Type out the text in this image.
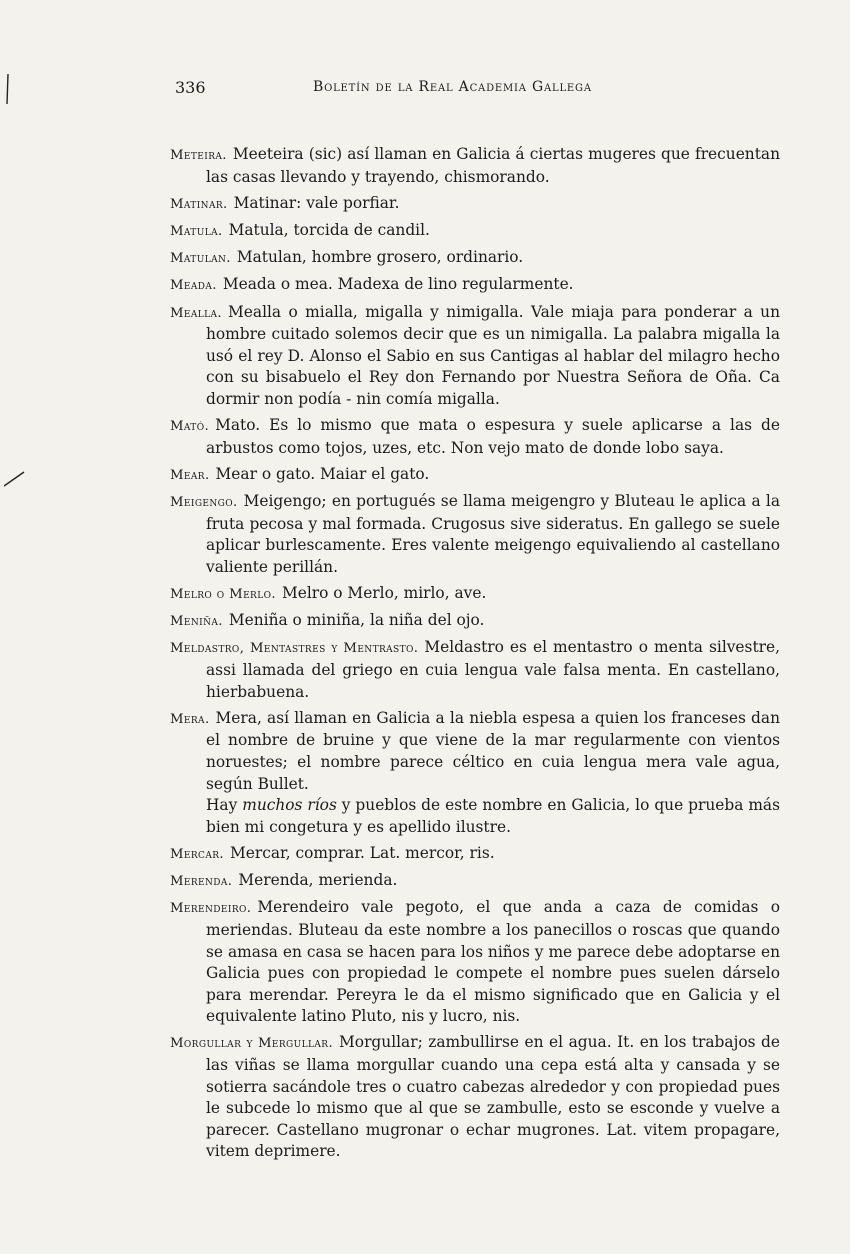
336	Boletín de la Real Academia Gallega

Meteira. Meeteira (sic) así llaman en Galicia á ciertas mugeres que frecuentan las casas llevando y trayendo, chismorando.

Matinar. Matinar: vale porfiar.

Matula. Matula, torcida de candil.

Matulan. Matulan, hombre grosero, ordinario.

Meada. Meada o mea. Madexa de lino regularmente.

Mealla. Mealla o mialla, migalla y nimigalla. Vale miaja para ponderar a un hombre cuitado solemos decir que es un nimigalla. La palabra migalla la usó el rey D. Alonso el Sabio en sus Cantigas al hablar del milagro hecho con su bisabuelo el Rey don Fernando por Nuestra Señora de Oña. Ca dormir non podía - nin comía migalla.

Mató. Mato. Es lo mismo que mata o espesura y suele aplicarse a las de arbustos como tojos, uzes, etc. Non vejo mato de donde lobo saya.

Mear. Mear o gato. Maiar el gato.

Meigengo. Meigengo; en portugués se llama meigengro y Bluteau le aplica a la fruta pecosa y mal formada. Crugosus sive sideratus. En gallego se suele aplicar burlescamente. Eres valente meigengo equivaliendo al castellano valiente perillán.

Melro o Merlo. Melro o Merlo, mirlo, ave.

Meniña. Meniña o miniña, la niña del ojo.

Meldastro, Mentastres y Mentrasto. Meldastro es el mentastro o menta silvestre, assi llamada del griego en cuia lengua vale falsa menta. En castellano, hierbabuena.

Mera. Mera, así llaman en Galicia a la niebla espesa a quien los franceses dan el nombre de bruine y que viene de la mar regularmente con vientos noruestes; el nombre parece céltico en cuia lengua mera vale agua, según Bullet.
Hay muchos ríos y pueblos de este nombre en Galicia, lo que prueba más bien mi congetura y es apellido ilustre.

Mercar. Mercar, comprar. Lat. mercor, ris.

Merenda. Merenda, merienda.

Merendeiro. Merendeiro vale pegoto, el que anda a caza de comidas o meriendas. Bluteau da este nombre a los panecillos o roscas que quando se amasa en casa se hacen para los niños y me parece debe adoptarse en Galicia pues con propiedad le compete el nombre pues suelen dárselo para merendar. Pereyra le da el mismo significado que en Galicia y el equivalente latino Pluto, nis y lucro, nis.

Morgullar y Mergullar. Morgullar; zambullirse en el agua. It. en los trabajos de las viñas se llama morgullar cuando una cepa está alta y cansada y se sotierra sacándole tres o cuatro cabezas alrededor y con propiedad pues le subcede lo mismo que al que se zambulle, esto se esconde y vuelve a parecer. Castellano mugronar o echar mugrones. Lat. vitem propagare, vitem deprimere.
